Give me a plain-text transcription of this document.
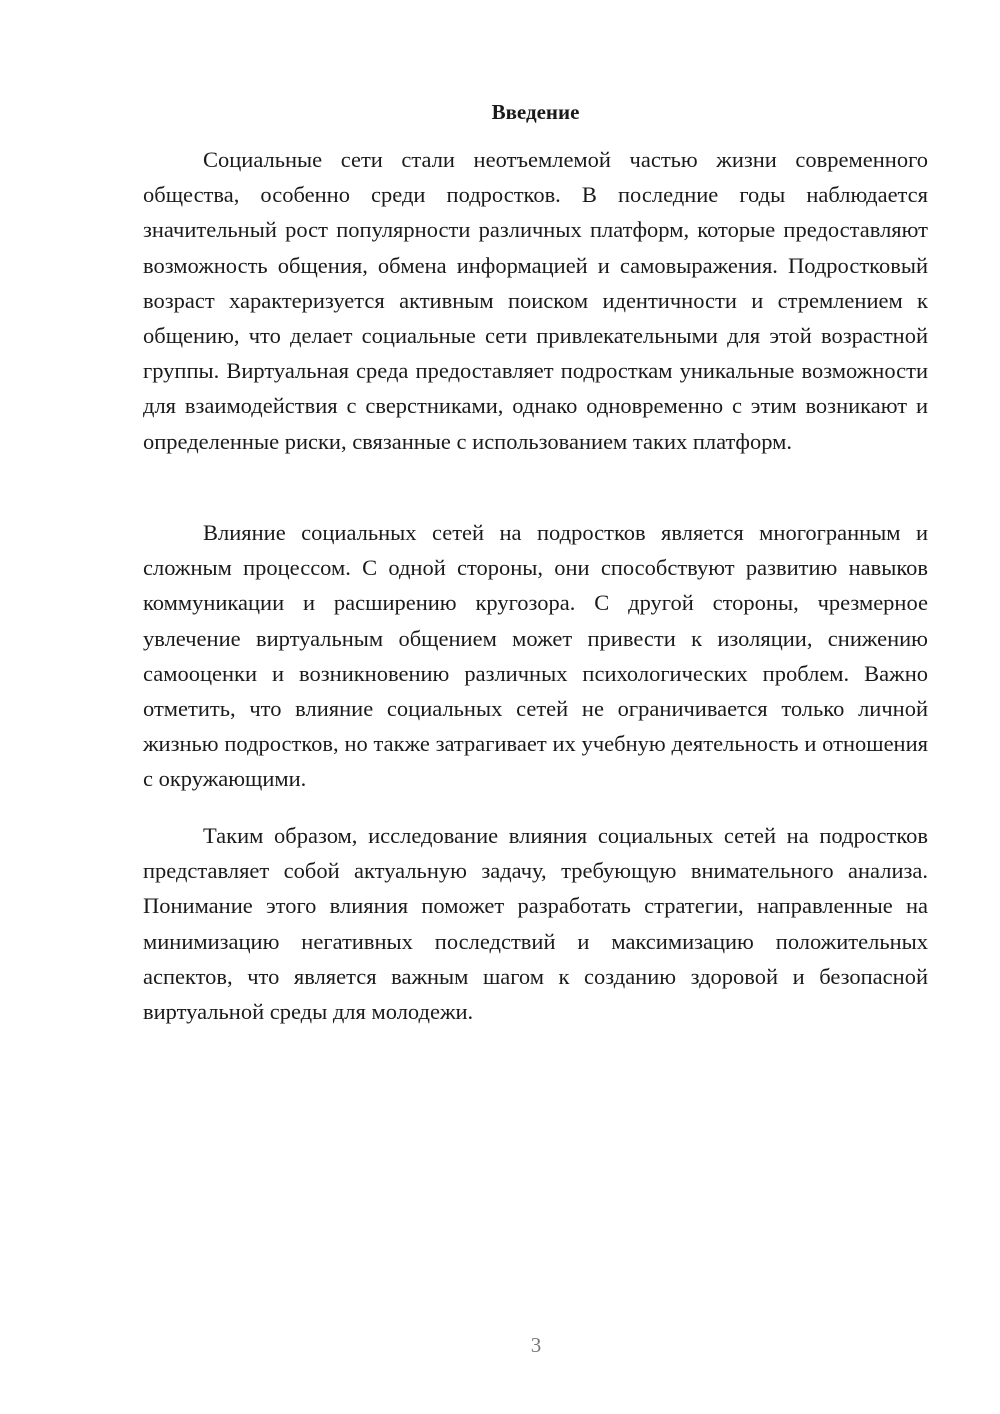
Введение

Социальные сети стали неотъемлемой частью жизни современного общества, особенно среди подростков. В последние годы наблюдается значительный рост популярности различных платформ, которые предоставляют возможность общения, обмена информацией и самовыражения. Подростковый возраст характеризуется активным поиском идентичности и стремлением к общению, что делает социальные сети привлекательными для этой возрастной группы. Виртуальная среда предоставляет подросткам уникальные возможности для взаимодействия с сверстниками, однако одновременно с этим возникают и определенные риски, связанные с использованием таких платформ.

Влияние социальных сетей на подростков является многогранным и сложным процессом. С одной стороны, они способствуют развитию навыков коммуникации и расширению кругозора. С другой стороны, чрезмерное увлечение виртуальным общением может привести к изоляции, снижению самооценки и возникновению различных психологических проблем. Важно отметить, что влияние социальных сетей не ограничивается только личной жизнью подростков, но также затрагивает их учебную деятельность и отношения с окружающими.

Таким образом, исследование влияния социальных сетей на подростков представляет собой актуальную задачу, требующую внимательного анализа. Понимание этого влияния поможет разработать стратегии, направленные на минимизацию негативных последствий и максимизацию положительных аспектов, что является важным шагом к созданию здоровой и безопасной виртуальной среды для молодежи.

3
